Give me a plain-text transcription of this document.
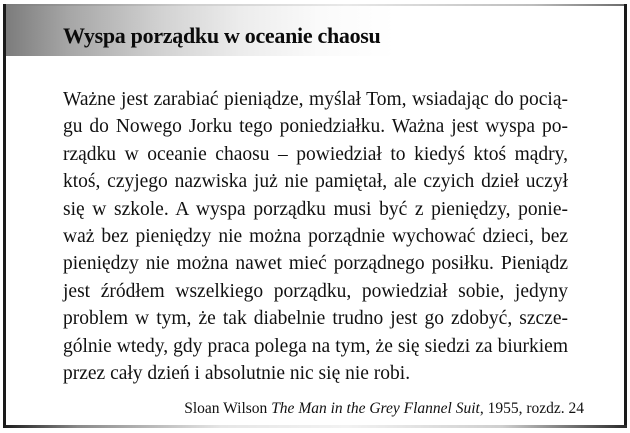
Wyspa porządku w oceanie chaosu

Ważne jest zarabiać pieniądze, myślał Tom, wsiadając do pocią-
gu do Nowego Jorku tego poniedziałku. Ważna jest wyspa po-
rządku w oceanie chaosu – powiedział to kiedyś ktoś mądry,
ktoś, czyjego nazwiska już nie pamiętał, ale czyich dzieł uczył
się w szkole. A wyspa porządku musi być z pieniędzy, ponie-
waż bez pieniędzy nie można porządnie wychować dzieci, bez
pieniędzy nie można nawet mieć porządnego posiłku. Pieniądz
jest źródłem wszelkiego porządku, powiedział sobie, jedyny
problem w tym, że tak diabelnie trudno jest go zdobyć, szcze-
gólnie wtedy, gdy praca polega na tym, że się siedzi za biurkiem
przez cały dzień i absolutnie nic się nie robi.

Sloan Wilson The Man in the Grey Flannel Suit, 1955, rozdz. 24
